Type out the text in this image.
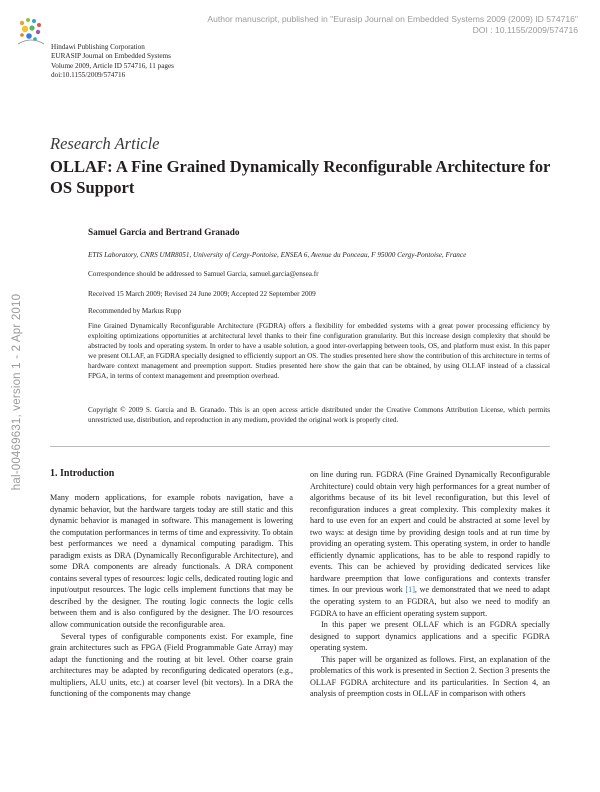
Author manuscript, published in "Eurasip Journal on Embedded Systems 2009 (2009) ID 574716"
DOI : 10.1155/2009/574716
hal-00469631, version 1 - 2 Apr 2010
Hindawi Publishing Corporation
EURASIP Journal on Embedded Systems
Volume 2009, Article ID 574716, 11 pages
doi:10.1155/2009/574716
Research Article
OLLAF: A Fine Grained Dynamically Reconfigurable Architecture for OS Support
Samuel Garcia and Bertrand Granado
ETIS Laboratory, CNRS UMR8051, University of Cergy-Pontoise, ENSEA 6, Avenue du Ponceau, F 95000 Cergy-Pontoise, France
Correspondence should be addressed to Samuel Garcia, samuel.garcia@ensea.fr
Received 15 March 2009; Revised 24 June 2009; Accepted 22 September 2009
Recommended by Markus Rupp
Fine Grained Dynamically Reconfigurable Architecture (FGDRA) offers a flexibility for embedded systems with a great power processing efficiency by exploiting optimizations opportunities at architectural level thanks to their fine configuration granularity. But this increase design complexity that should be abstracted by tools and operating system. In order to have a usable solution, a good inter-overlapping between tools, OS, and platform must exist. In this paper we present OLLAF, an FGDRA specially designed to efficiently support an OS. The studies presented here show the contribution of this architecture in terms of hardware context management and preemption support. Studies presented here show the gain that can be obtained, by using OLLAF instead of a classical FPGA, in terms of context management and preemption overhead.
Copyright © 2009 S. Garcia and B. Granado. This is an open access article distributed under the Creative Commons Attribution License, which permits unrestricted use, distribution, and reproduction in any medium, provided the original work is properly cited.
1. Introduction

Many modern applications, for example robots navigation, have a dynamic behavior, but the hardware targets today are still static and this dynamic behavior is managed in software. This management is lowering the computation performances in terms of time and expressivity. To obtain best performances we need a dynamical computing paradigm. This paradigm exists as DRA (Dynamically Reconfigurable Architecture), and some DRA components are already functionals. A DRA component contains several types of resources: logic cells, dedicated routing logic and input/output resources. The logic cells implement functions that may be described by the designer. The routing logic connects the logic cells between them and is also configured by the designer. The I/O resources allow communication outside the reconfigurable area.

Several types of configurable components exist. For example, fine grain architectures such as FPGA (Field Programmable Gate Array) may adapt the functioning and the routing at bit level. Other coarse grain architectures may be adapted by reconfiguring dedicated operators (e.g., multipliers, ALU units, etc.) at coarser level (bit vectors). In a DRA the functioning of the components may change

on line during run. FGDRA (Fine Grained Dynamically Reconfigurable Architecture) could obtain very high performances for a great number of algorithms because of its bit level reconfiguration, but this level of reconfiguration induces a great complexity. This complexity makes it hard to use even for an expert and could be abstracted at some level by two ways: at design time by providing design tools and at run time by providing an operating system. This operating system, in order to handle efficiently dynamic applications, has to be able to respond rapidly to events. This can be achieved by providing dedicated services like hardware preemption that lowe configurations and contexts transfer times. In our previous work [1], we demonstrated that we need to adapt the operating system to an FGDRA, but also we need to modify an FGDRA to have an efficient operating system support.

In this paper we present OLLAF which is an FGDRA specially designed to support dynamics applications and a specific FGDRA operating system.

This paper will be organized as follows. First, an explanation of the problematics of this work is presented in Section 2. Section 3 presents the OLLAF FGDRA architecture and its particularities. In Section 4, an analysis of preemption costs in OLLAF in comparison with others
